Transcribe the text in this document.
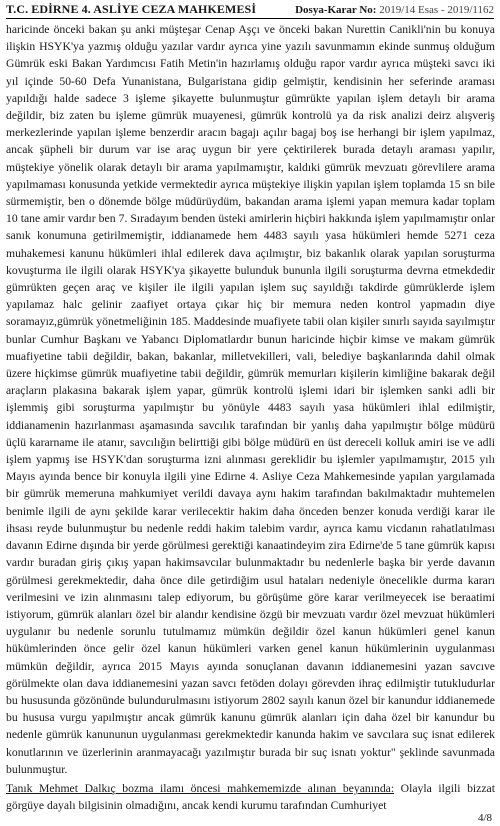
T.C. EDİRNE 4. ASLİYE CEZA MAHKEMESİ	Dosya-Karar No: 2019/14 Esas - 2019/1162

haricinde önceki bakan şu anki müşteşar Cenap Aşçı ve önceki bakan Nurettin Canikli'nin bu konuya ilişkin HSYK'ya yazmış olduğu yazılar vardır ayrıca yine yazılı savunmamın ekinde sunmuş olduğum Gümrük eski Bakan Yardımcısı Fatih Metin'in hazırlamış olduğu rapor vardır ayrıca müşteki savcı iki yıl içinde 50-60 Defa Yunanistana, Bulgaristana gidip gelmiştir, kendisinin her seferinde araması yapıldığı halde sadece 3 işleme şikayette bulunmuştur gümrükte yapılan işlem detaylı bir arama değildir, biz zaten bu işleme gümrük muayenesi, gümrük kontrolü ya da risk analizi deirz alışveriş merkezlerinde yapılan işleme benzerdir aracın bagajı açılır bagaj boş ise herhangi bir işlem yapılmaz, ancak şüpheli bir durum var ise araç uygun bir yere çektirilerek burada detaylı araması yapılır, müştekiye yönelik olarak detaylı bir arama yapılmamıştır, kaldıki gümrük mevzuatı görevlilere arama yapılmaması konusunda yetkide vermektedir ayrıca müştekiye ilişkin yapılan işlem toplamda 15 sn bile sürmemiştir, ben o dönemde bölge müdürüydüm, bakandan arama işlemi yapan memura kadar toplam 10 tane amir vardır ben 7. Sıradayım benden üsteki amirlerin hiçbiri hakkında işlem yapılmamıştır onlar sanık konumuna getirilmemiştir, iddianamede hem 4483 sayılı yasa hükümleri hemde 5271 ceza muhakemesi kanunu hükümleri ihlal edilerek dava açılmıştır, biz bakanlık olarak yapılan soruşturma kovuşturma ile ilgili olarak HSYK'ya şikayette bulunduk bununla ilgili soruşturma devrna etmekdedir gümrükten geçen araç ve kişiler ile ilgili yapılan işlem suç sayıldığı takdirde gümrüklerde işlem yapılamaz halc gelinir zaafiyet ortaya çıkar hiç bir memura neden kontrol yapmadın diye soramayız,gümrük yönetmeliğinin 185. Maddesinde muafiyete tabii olan kişiler sınırlı sayıda sayılmıştır bunlar Cumhur Başkanı ve Yabancı Diplomatlardır bunun haricinde hiçbir kimse ve makam gümrük muafiyetine tabii değildir, bakan, bakanlar, milletvekilleri, vali, belediye başkanlarında dahil olmak üzere hiçkimse gümrük muafiyetine tabii değildir, gümrük memurları kişilerin kimliğine bakarak değil araçların plakasına bakarak işlem yapar, gümrük kontrolü işlemi idari bir işlemken sanki adli bir işlemmiş gibi soruşturma yapılmıştır bu yönüyle 4483 sayılı yasa hükümleri ihlal edilmiştir, iddianamenin hazırlanması aşamasında savcılık tarafından bir yanlış daha yapılmıştır bölge müdürü üçlü kararname ile atanır, savcılığın belirttiği gibi bölge müdürü en üst dereceli kolluk amiri ise ve adli işlem yapmış ise HSYK'dan soruşturma izni alınması gereklidir bu işlemler yapılmamıştır, 2015 yılı Mayıs ayında bence bir konuyla ilgili yine Edirne 4. Asliye Ceza Mahkemesinde yapılan yargılamada bir gümrük memeruna mahkumiyet verildi davaya aynı hakim tarafından bakılmaktadır muhtemelen benimle ilgili de aynı şekilde karar verilecektir hakim daha önceden benzer konuda verdiği karar ile ihsası reyde bulunmuştur bu nedenle reddi hakim talebim vardır, ayrıca kamu vicdanın rahatlatılması davanın Edirne dışında bir yerde görülmesi gerektiği kanaatindeyim zira Edirne'de 5 tane gümrük kapısı vardır buradan giriş çıkış yapan hakimsavcılar bulunmaktadır bu nedenlerle başka bir yerde davanın görülmesi gerekmektedir, daha önce dile getirdiğim usul hataları nedeniyle önecelikle durma kararı verilmesini ve izin alınmasını talep ediyorum, bu görüşüme göre karar verilmeyecek ise beraatimi istiyorum, gümrük alanları özel bir alandır kendisine özgü bir mevzuatı vardır özel mevzuat hükümleri uygulanır bu nedenle sorunlu tutulmamız mümkün değildir özel kanun hükümleri genel kanun hükümlerinden önce gelir özel kanun hükümleri varken genel kanun hükümlerinin uygulanması mümkün değildir, ayrıca 2015 Mayıs ayında sonuçlanan davanın iddianemesini yazan savcıve görülmekte olan dava iddianemesini yazan savcı fetöden dolayı görevden ihraç edilmiştir tutukludurlar bu hususunda gözönünde bulundurulmasını istiyorum 2802 sayılı kanun özel bir kanundur iddianemede bu hususa vurgu yapılmıştır ancak gümrük kanunu gümrük alanları için daha özel bir kanundur bu nedenle gümrük kanununun uygulanması gerekmektedir kanunda hakim ve savcılara suç isnat edilerek konutlarının ve üzerlerinin aranmayacağı yazılmıştır burada bir suç isnatı yoktur" şeklinde savunmada bulunmuştur.

Tanık Mehmet Dalkıç bozma ilamı öncesi mahkememizde alınan beyanında: Olayla ilgili bizzat görgüye dayalı bilgisinin olmadığını, ancak kendi kurumu tarafından Cumhuriyet

4/8
